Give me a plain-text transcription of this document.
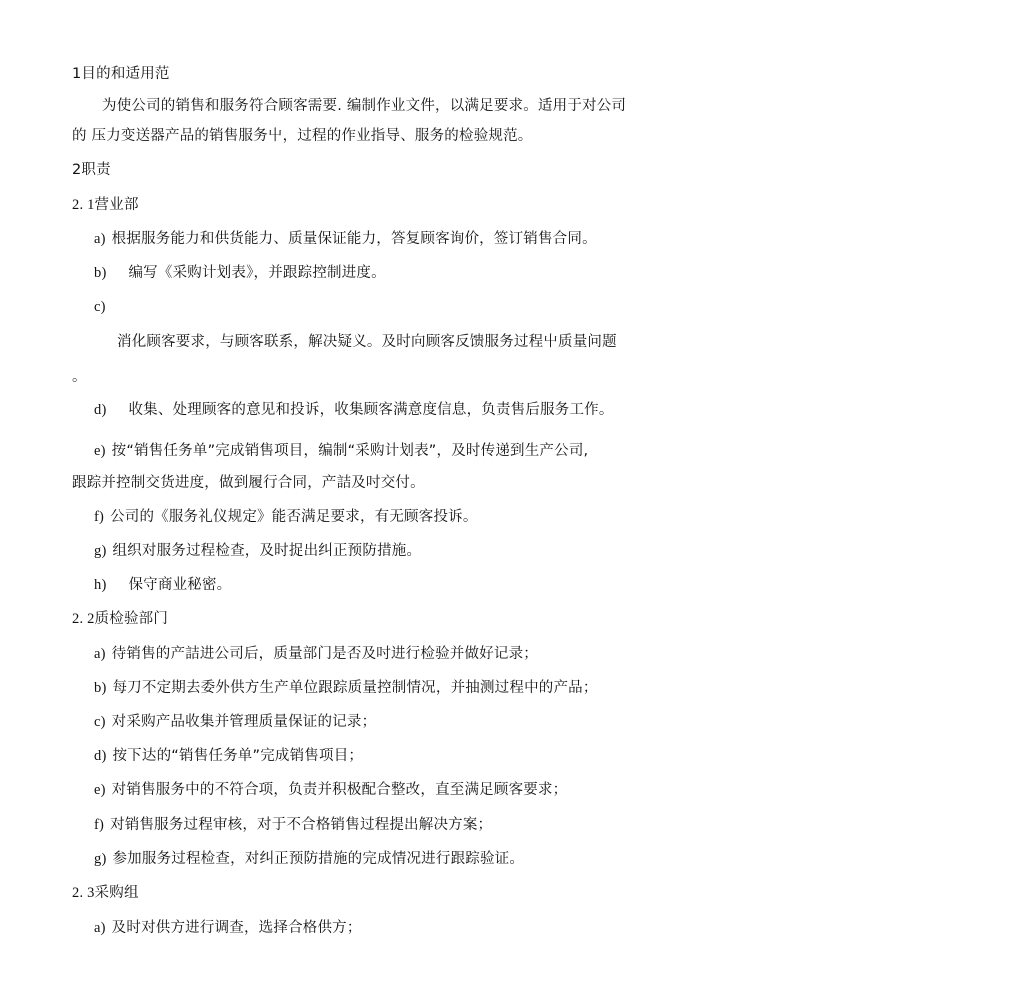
1目的和适用范
为使公司的销售和服务符合顾客需要. 编制作业文件，以满足要求。适用于对公司
的 压力变送器产品的销售服务屮，过程的作业指导、服务的检验规范。
2职责
2. 1营业部
a) 根据服务能力和供货能力、质量保证能力，答复顾客询价，签订销售合同。
b) 编写《采购计划表》，并跟踪控制进度。
c)
消化顾客要求，与顾客联系，解决疑义。及时向顾客反馈服务过程屮质量问题
。
d) 收集、处理顾客的意见和投诉，收集顾客满意度信息，负责售后服务工作。
e) 按“销售任务单”完成销售项目，编制“采购计划表”，及时传递到生产公司,
跟踪并控制交货进度，做到履行合同，产詰及吋交付。
f) 公司的《服务礼仪规定》能否满足要求，有无顾客投诉。
g) 组织对服务过程检查，及时捉出纠正预防措施。
h) 保守商业秘密。
2. 2质检验部门
a) 待销售的产詰进公司后，质量部门是否及吋进行检验并做好记录；
b) 每刀不定期去委外供方生产单位跟踪质量控制情况，并抽测过程中的产品；
c) 对采购产品收集并管理质量保证的记录；
d) 按下达的“销售任务单”完成销售项目；
e) 对销售服务中的不符合项，负责并积极配合整改，直至满足顾客要求；
f) 对销售服务过程审核，对于不合格销售过程提出解决方案；
g) 参加服务过程检查，对纠正预防措施的完成情况进行跟踪验证。
2. 3采购组
a) 及时对供方进行调查，选择合格供方；
